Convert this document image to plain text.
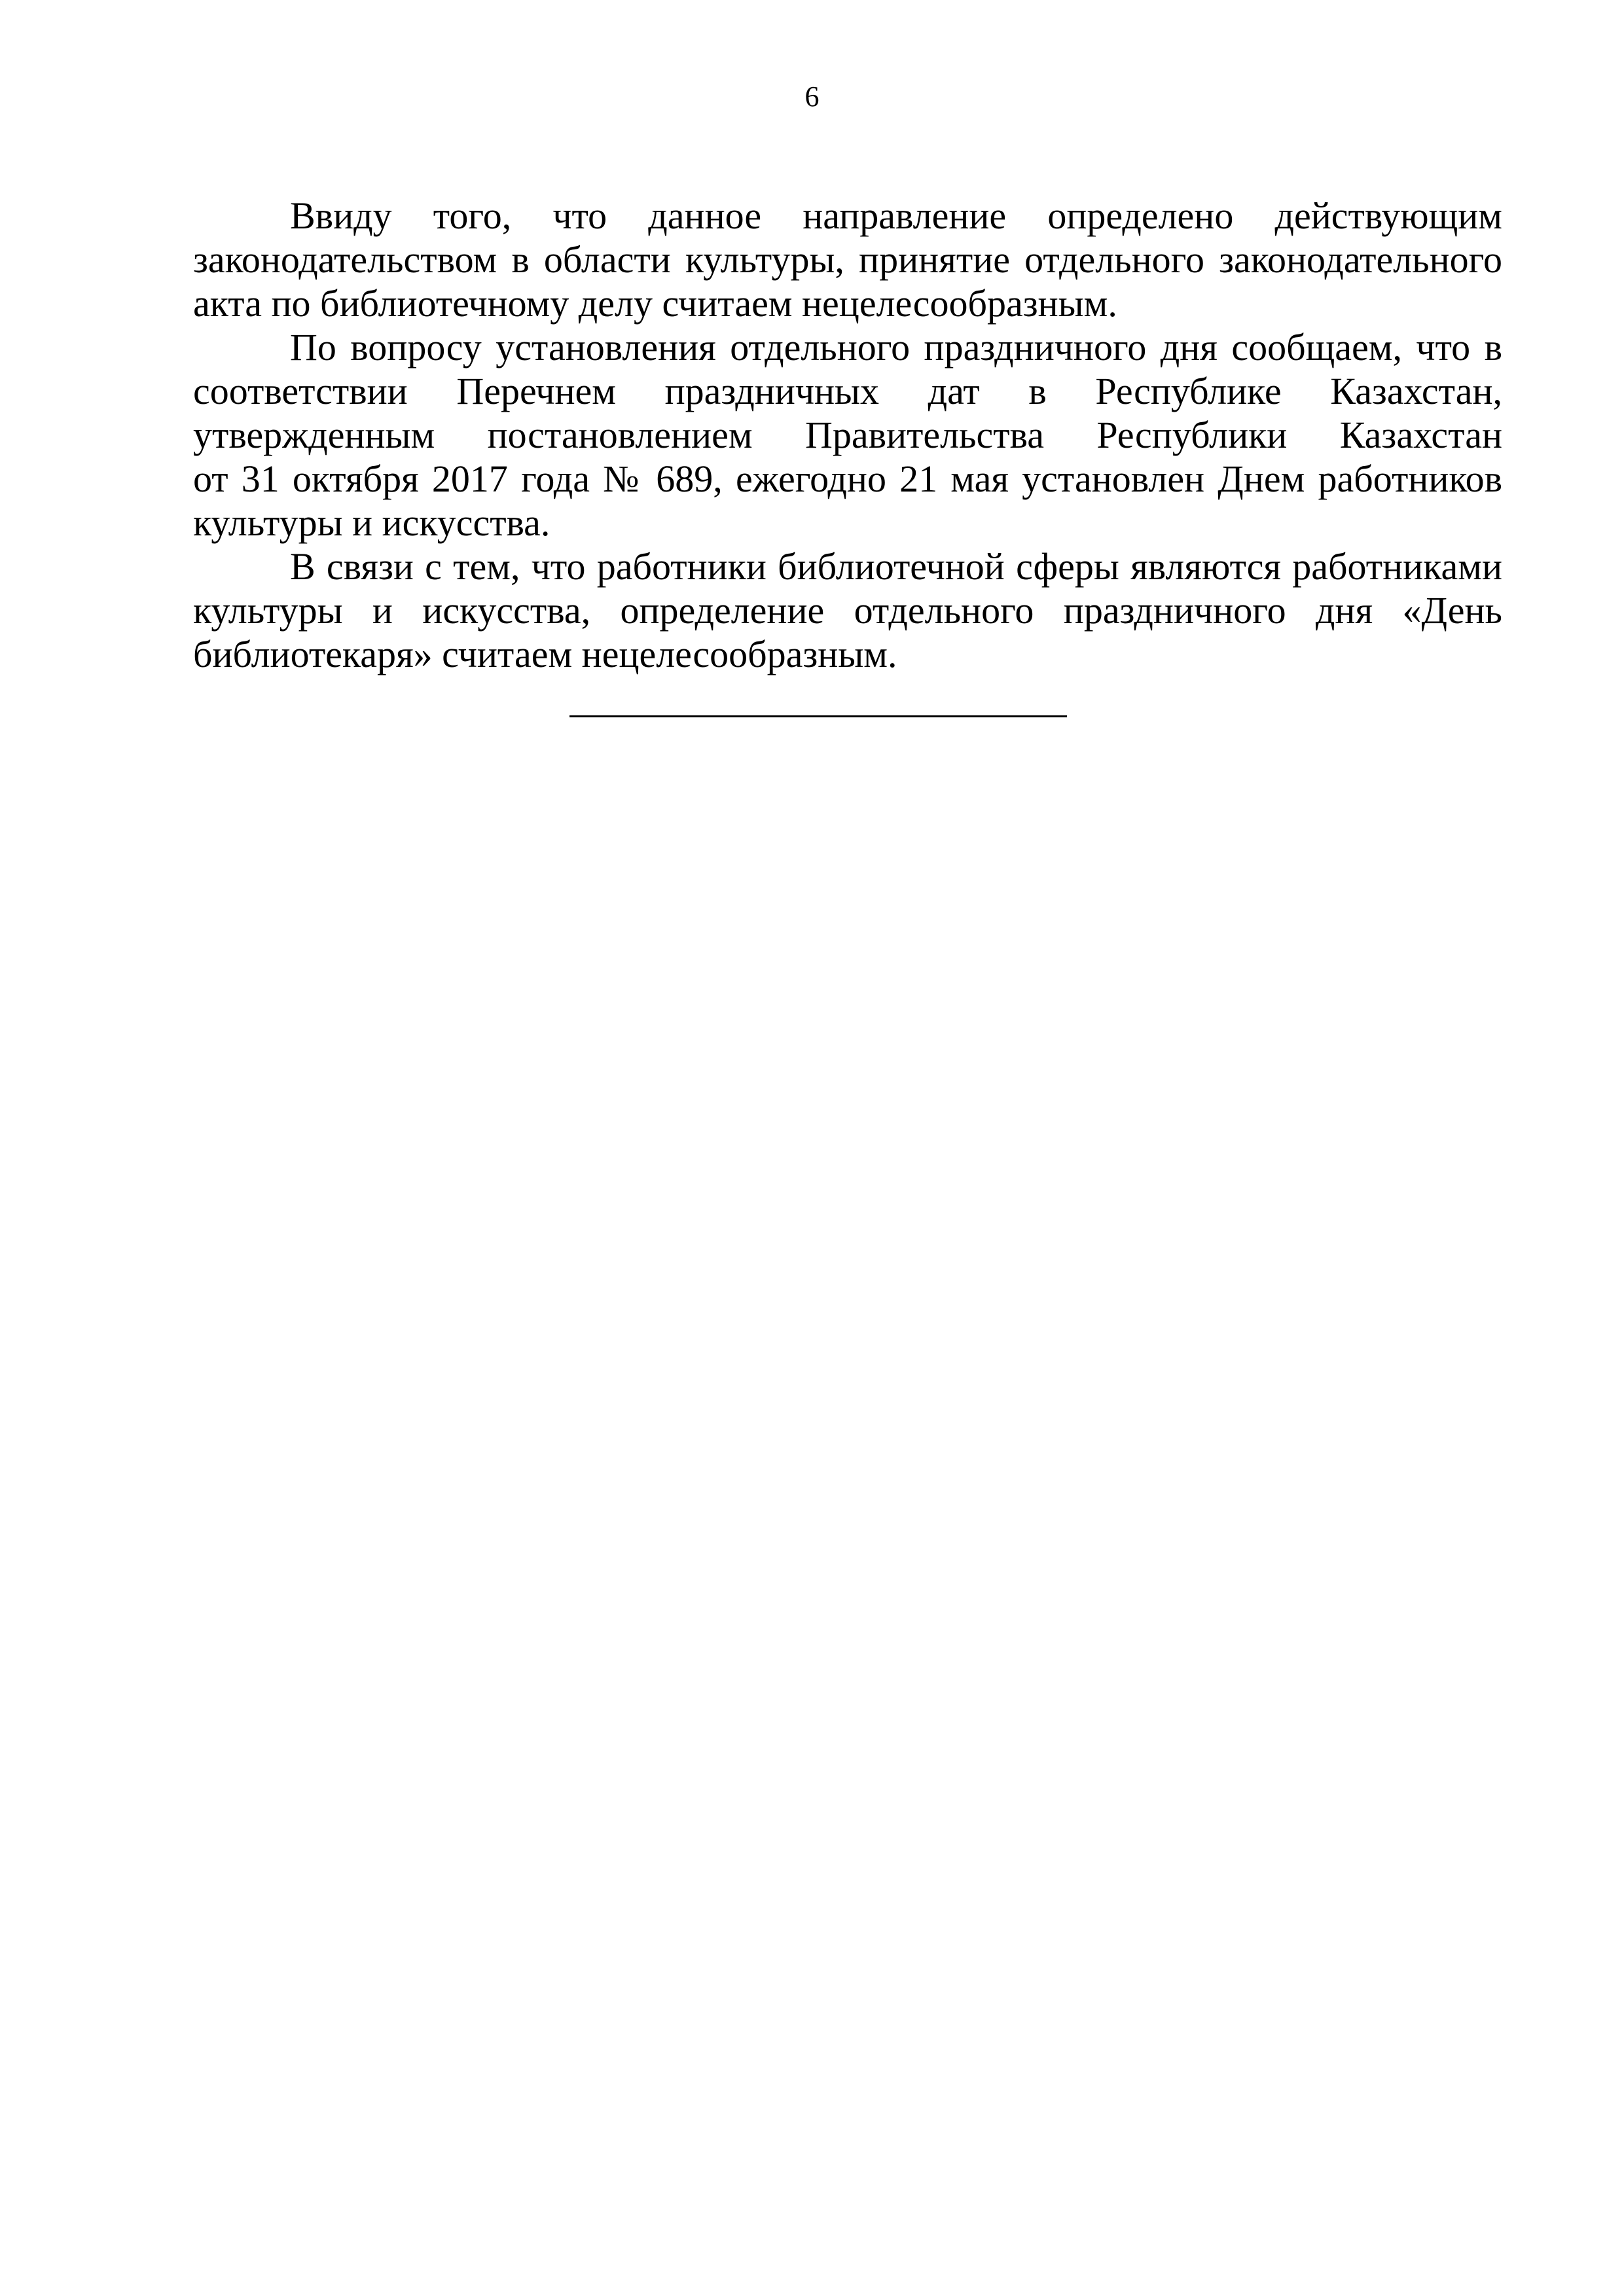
6

Ввиду того, что данное направление определено действующим
законодательством в области культуры, принятие отдельного законодательного
акта по библиотечному делу считаем нецелесообразным.

По вопросу установления отдельного праздничного дня сообщаем, что в
соответствии Перечнем праздничных дат в Республике Казахстан,
утвержденным постановлением Правительства Республики Казахстан
от 31 октября 2017 года № 689, ежегодно 21 мая установлен Днем работников
культуры и искусства.

В связи с тем, что работники библиотечной сферы являются работниками
культуры и искусства, определение отдельного праздничного дня «День
библиотекаря» считаем нецелесообразным.
